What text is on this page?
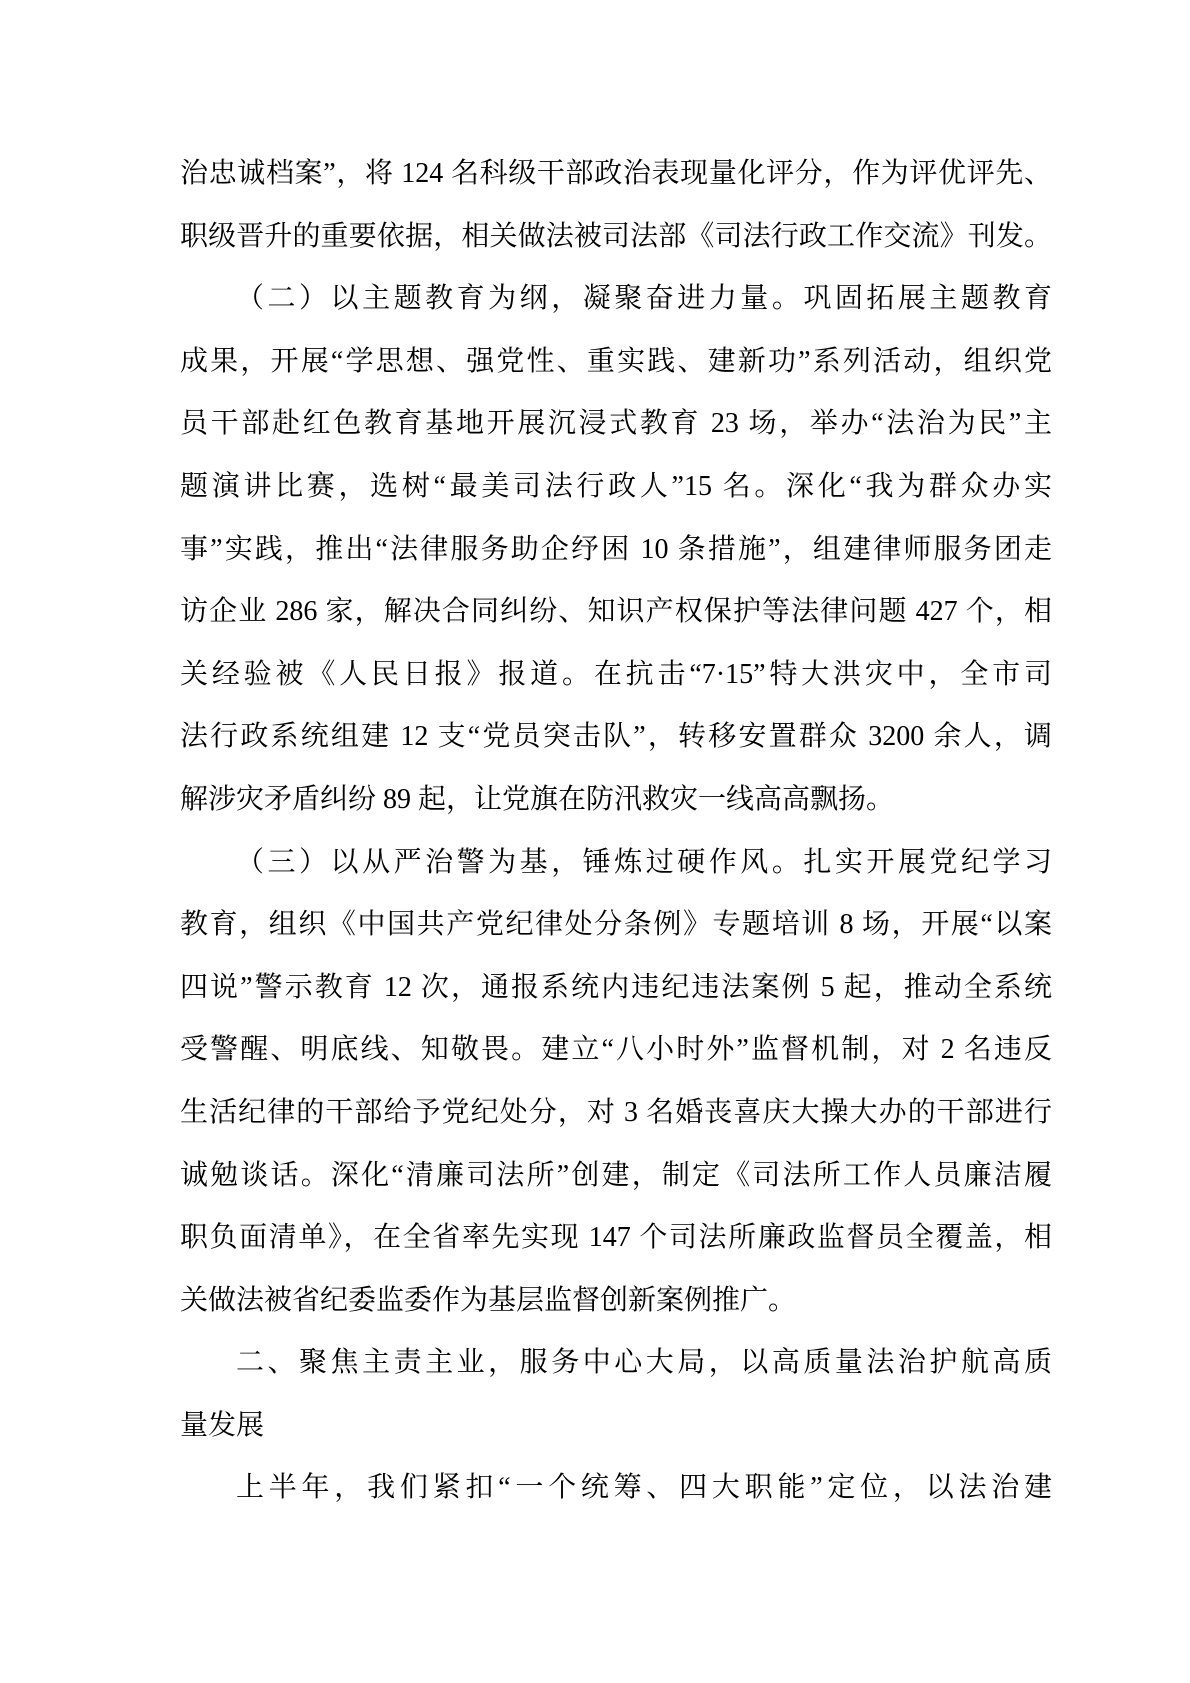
治忠诚档案”，将 124 名科级干部政治表现量化评分，作为评优评先、
职级晋升的重要依据，相关做法被司法部《司法行政工作交流》刊发。
（二）以主题教育为纲，凝聚奋进力量。巩固拓展主题教育
成果，开展“学思想、强党性、重实践、建新功”系列活动，组织党
员干部赴红色教育基地开展沉浸式教育 23 场，举办“法治为民”主
题演讲比赛，选树“最美司法行政人”15 名。深化“我为群众办实
事”实践，推出“法律服务助企纾困 10 条措施”，组建律师服务团走
访企业 286 家，解决合同纠纷、知识产权保护等法律问题 427 个，相
关经验被《人民日报》报道。在抗击“7·15”特大洪灾中，全市司
法行政系统组建 12 支“党员突击队”，转移安置群众 3200 余人，调
解涉灾矛盾纠纷 89 起，让党旗在防汛救灾一线高高飘扬。
（三）以从严治警为基，锤炼过硬作风。扎实开展党纪学习
教育，组织《中国共产党纪律处分条例》专题培训 8 场，开展“以案
四说”警示教育 12 次，通报系统内违纪违法案例 5 起，推动全系统
受警醒、明底线、知敬畏。建立“八小时外”监督机制，对 2 名违反
生活纪律的干部给予党纪处分，对 3 名婚丧喜庆大操大办的干部进行
诚勉谈话。深化“清廉司法所”创建，制定《司法所工作人员廉洁履
职负面清单》，在全省率先实现 147 个司法所廉政监督员全覆盖，相
关做法被省纪委监委作为基层监督创新案例推广。
二、聚焦主责主业，服务中心大局，以高质量法治护航高质
量发展
上半年，我们紧扣“一个统筹、四大职能”定位，以法治建
